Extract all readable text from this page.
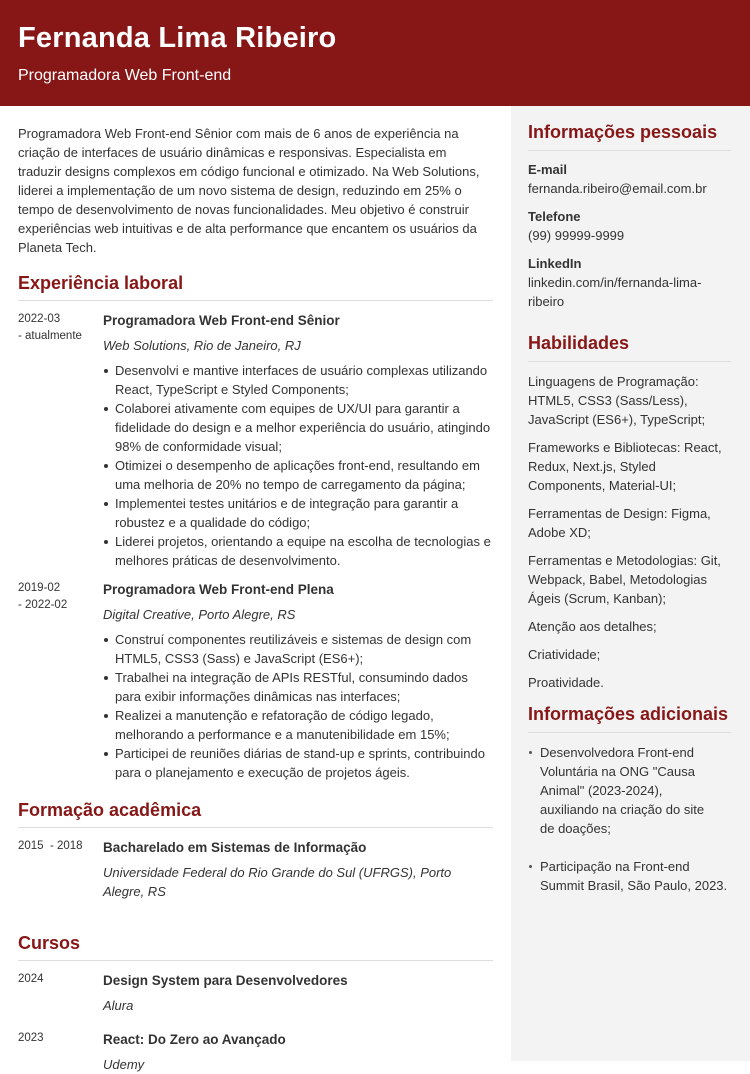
Fernanda Lima Ribeiro
Programadora Web Front-end

Programadora Web Front-end Sênior com mais de 6 anos de experiência na criação de interfaces de usuário dinâmicas e responsivas. Especialista em traduzir designs complexos em código funcional e otimizado. Na Web Solutions, liderei a implementação de um novo sistema de design, reduzindo em 25% o tempo de desenvolvimento de novas funcionalidades. Meu objetivo é construir experiências web intuitivas e de alta performance que encantem os usuários da Planeta Tech.

Experiência laboral
2022-03
- atualmente
Programadora Web Front-end Sênior
Web Solutions, Rio de Janeiro, RJ
Desenvolvi e mantive interfaces de usuário complexas utilizando React, TypeScript e Styled Components;
Colaborei ativamente com equipes de UX/UI para garantir a fidelidade do design e a melhor experiência do usuário, atingindo 98% de conformidade visual;
Otimizei o desempenho de aplicações front-end, resultando em uma melhoria de 20% no tempo de carregamento da página;
Implementei testes unitários e de integração para garantir a robustez e a qualidade do código;
Liderei projetos, orientando a equipe na escolha de tecnologias e melhores práticas de desenvolvimento.
2019-02
- 2022-02
Programadora Web Front-end Plena
Digital Creative, Porto Alegre, RS
Construí componentes reutilizáveis e sistemas de design com HTML5, CSS3 (Sass) e JavaScript (ES6+);
Trabalhei na integração de APIs RESTful, consumindo dados para exibir informações dinâmicas nas interfaces;
Realizei a manutenção e refatoração de código legado, melhorando a performance e a manutenibilidade em 15%;
Participei de reuniões diárias de stand-up e sprints, contribuindo para o planejamento e execução de projetos ágeis.
Formação acadêmica
2015  - 2018	Bacharelado em Sistemas de Informação
Universidade Federal do Rio Grande do Sul (UFRGS), Porto Alegre, RS
Cursos
2024	Design System para Desenvolvedores
Alura
2023	React: Do Zero ao Avançado
Udemy
Informações pessoais
E-mail
fernanda.ribeiro@email.com.br
Telefone
(99) 99999-9999
LinkedIn
linkedin.com/in/fernanda-lima-ribeiro
Habilidades

Linguagens de Programação: HTML5, CSS3 (Sass/Less), JavaScript (ES6+), TypeScript;

Frameworks e Bibliotecas: React, Redux, Next.js, Styled Components, Material-UI;

Ferramentas de Design: Figma, Adobe XD;

Ferramentas e Metodologias: Git, Webpack, Babel, Metodologias Ágeis (Scrum, Kanban);

Atenção aos detalhes;

Criatividade;

Proatividade.

Informações adicionais
Desenvolvedora Front-end Voluntária na ONG "Causa Animal" (2023-2024), auxiliando na criação do site de doações;
Participação na Front-end Summit Brasil, São Paulo, 2023.
